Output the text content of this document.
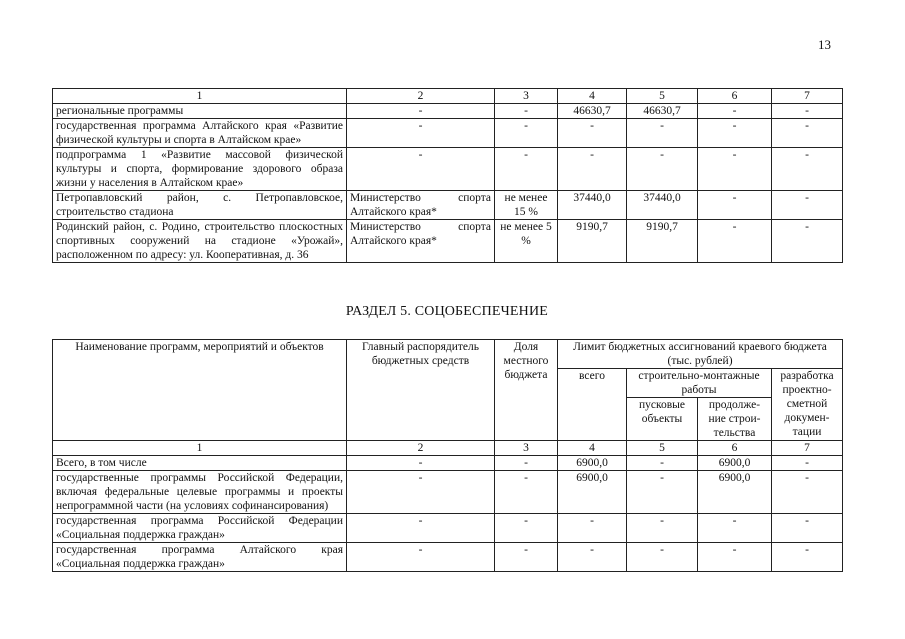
13
1	2	3	4	5	6	7
региональные программы	-	-	46630,7	46630,7	-	-
государственная программа Алтайского края «Развитие физической культуры и спорта в Алтайском крае»	-	-	-	-	-	-
подпрограмма 1 «Развитие массовой физической культуры и спорта, формирование здорового образа жизни у населения в Алтайском крае»	-	-	-	-	-	-
Петропавловский район, с. Петропавловское, строительство стадиона	Министерство спорта Алтайского края*	не менее 15 %	37440,0	37440,0	-	-
Родинский район, с. Родино, строительство плоскостных спортивных сооружений на стадионе «Урожай», расположенном по адресу: ул. Кооперативная, д. 36	Министерство спорта Алтайского края*	не менее 5 %	9190,7	9190,7	-	-
РАЗДЕЛ 5. СОЦОБЕСПЕЧЕНИЕ
Наименование программ, мероприятий и объектов	Главный распорядитель бюджетных средств	Доля местного бюджета	Лимит бюджетных ассигнований краевого бюджета (тыс. рублей)			
			всего	строительно-монтажные работы		разработка проектно-сметной докумен-тации
				пусковые объекты	продолже-ние строи-тельства	
1	2	3	4	5	6	7
Всего, в том числе	-	-	6900,0	-	6900,0	-
государственные программы Российской Федерации, включая федеральные целевые программы и проекты непрограммной части (на условиях софинансирования)	-	-	6900,0	-	6900,0	-
государственная программа Российской Федерации «Социальная поддержка граждан»	-	-	-	-	-	-
государственная программа Алтайского края «Социальная поддержка граждан»	-	-	-	-	-	-
